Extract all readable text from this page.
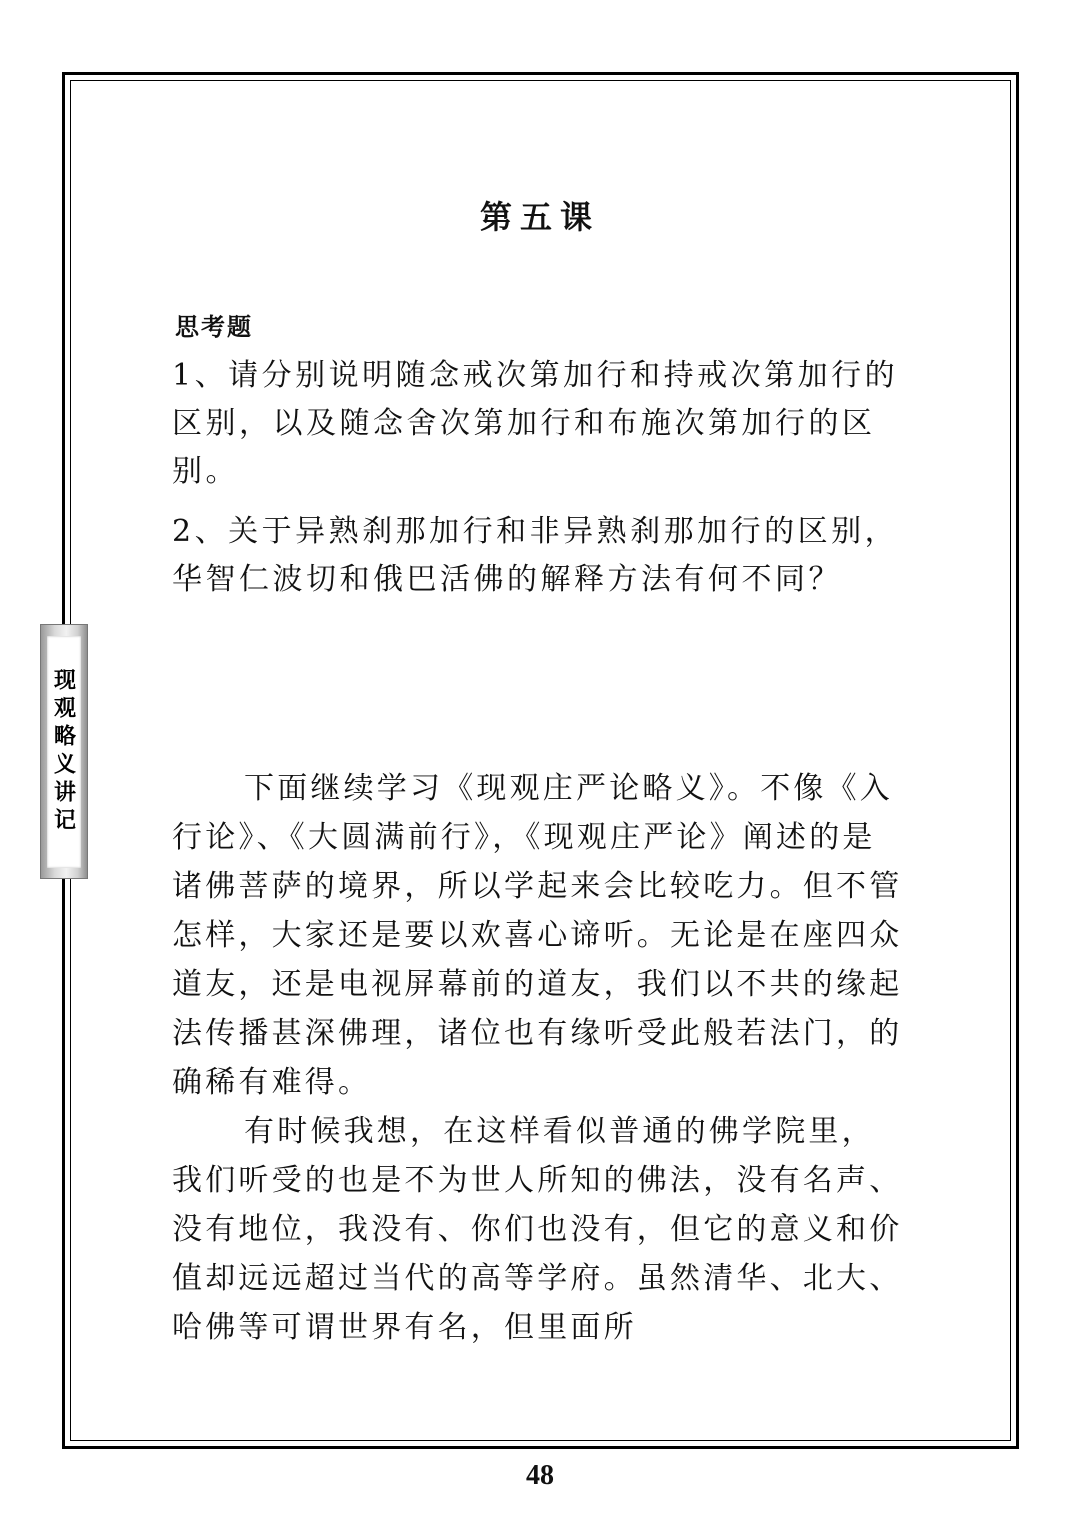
现观略义讲记
第五课
思考题
1、请分别说明随念戒次第加行和持戒次第加行的区别，以及随念舍次第加行和布施次第加行的区别。
2、关于异熟刹那加行和非异熟刹那加行的区别，华智仁波切和俄巴活佛的解释方法有何不同？

下面继续学习《现观庄严论略义》。不像《入行论》、《大圆满前行》，《现观庄严论》阐述的是诸佛菩萨的境界，所以学起来会比较吃力。但不管怎样，大家还是要以欢喜心谛听。无论是在座四众道友，还是电视屏幕前的道友，我们以不共的缘起法传播甚深佛理，诸位也有缘听受此般若法门，的确稀有难得。

有时候我想，在这样看似普通的佛学院里，我们听受的也是不为世人所知的佛法，没有名声、没有地位，我没有、你们也没有，但它的意义和价值却远远超过当代的高等学府。虽然清华、北大、哈佛等可谓世界有名，但里面所

48
